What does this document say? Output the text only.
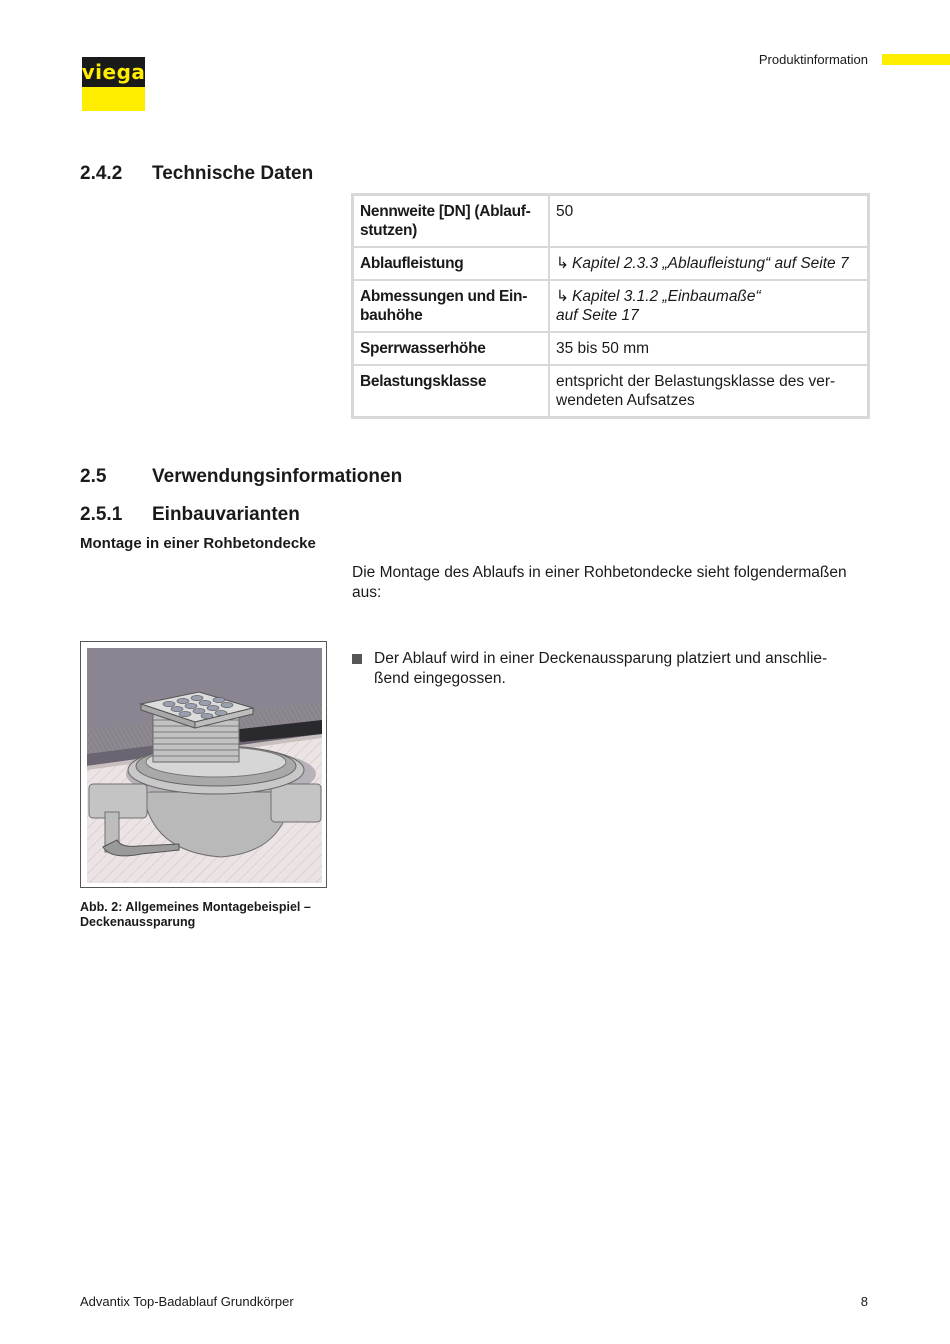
viega
Produktinformation
2.4.2 Technische Daten
Nennweite [DN] (Ablauf-
stutzen)	50
Ablaufleistung	↳ Kapitel 2.3.3 „Ablaufleistung“ auf Seite 7
Abmessungen und Ein-
bauhöhe	↳ Kapitel 3.1.2 „Einbaumaße“
auf Seite 17
Sperrwasserhöhe	35 bis 50 mm
Belastungsklasse	entspricht der Belastungsklasse des ver-
wendeten Aufsatzes
2.5 Verwendungsinformationen
2.5.1 Einbauvarianten
Montage in einer Rohbetondecke
Die Montage des Ablaufs in einer Rohbetondecke sieht folgendermaßen
aus:
Der Ablauf wird in einer Deckenaussparung platziert und anschlie-
ßend eingegossen.
Abb. 2: Allgemeines Montagebeispiel –
Deckenaussparung
Advantix Top-Badablauf Grundkörper	8
